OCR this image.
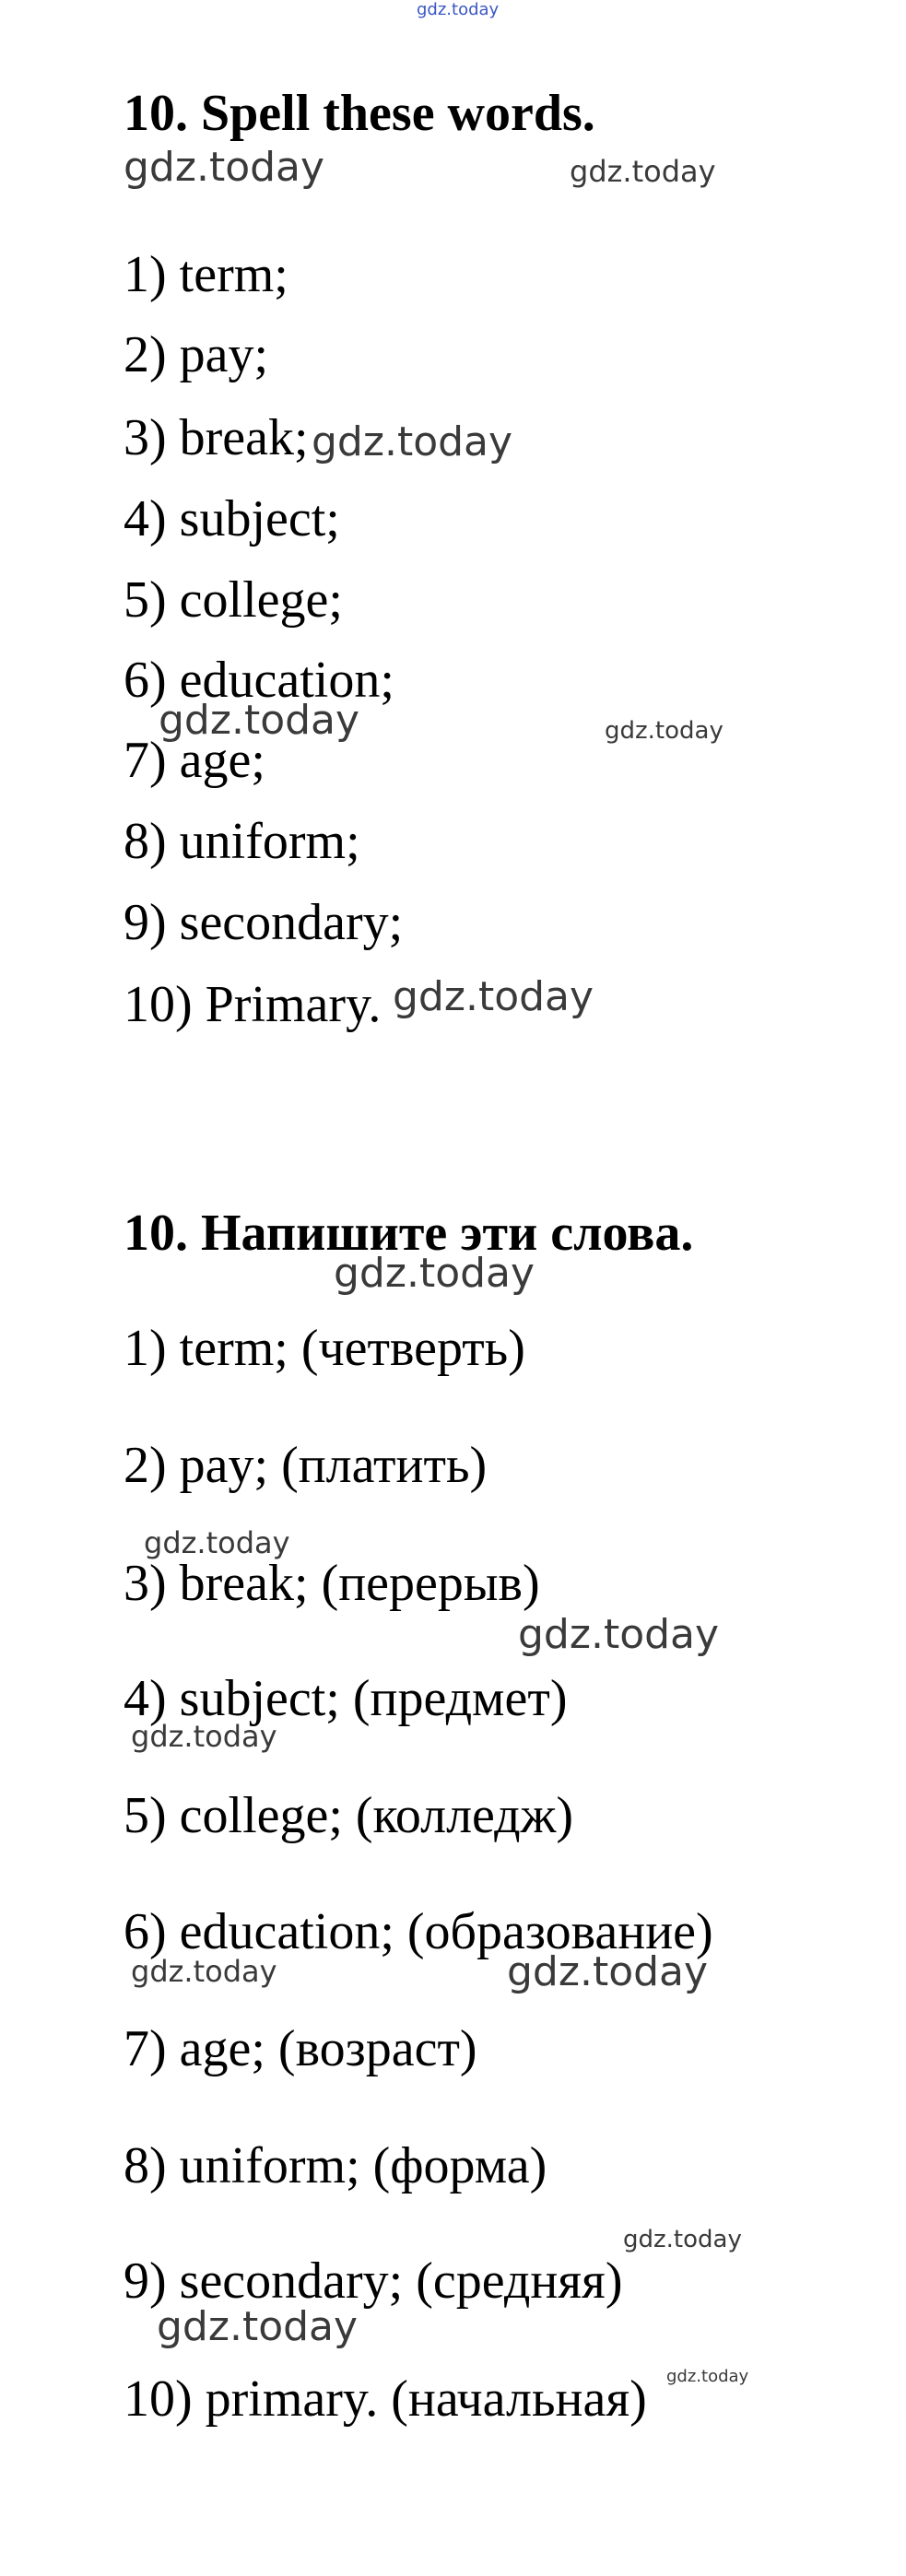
gdz.today
10. Spell these words.
gdz.today	gdz.today
1) term;
2) pay;
3) break; gdz.today
4) subject;
5) college;
6) education;
gdz.today	gdz.today
7) age;
8) uniform;
9) secondary;
10) Primary. gdz.today
10. Напишите эти слова.
gdz.today
1) term; (четверть)
2) pay; (платить)
gdz.today
3) break; (перерыв)
gdz.today
4) subject; (предмет)
gdz.today
5) college; (колледж)
6) education; (образование)
gdz.today	gdz.today
7) age; (возраст)
8) uniform; (форма)
gdz.today
9) secondary; (средняя)
gdz.today
10) primary. (начальная) gdz.today
